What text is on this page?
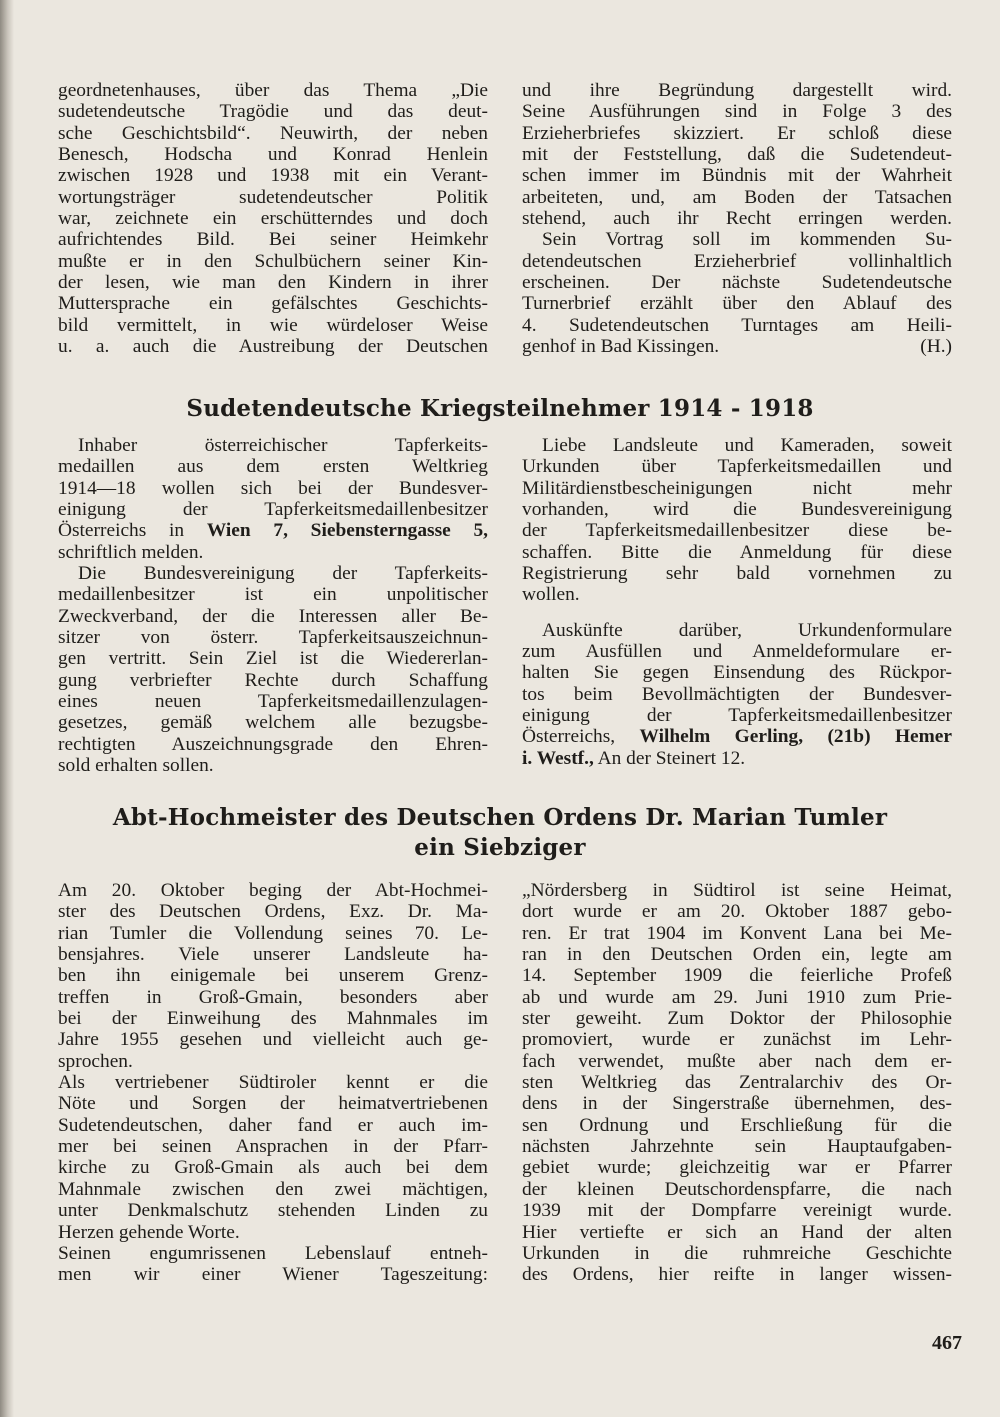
geordnetenhauses, über das Thema „Die
sudetendeutsche Tragödie und das deut-
sche Geschichtsbild“. Neuwirth, der neben
Benesch, Hodscha und Konrad Henlein
zwischen 1928 und 1938 mit ein Verant-
wortungsträger sudetendeutscher Politik
war, zeichnete ein erschütterndes und doch
aufrichtendes Bild. Bei seiner Heimkehr
mußte er in den Schulbüchern seiner Kin-
der lesen, wie man den Kindern in ihrer
Muttersprache ein gefälschtes Geschichts-
bild vermittelt, in wie würdeloser Weise
u. a. auch die Austreibung der Deutschen
und ihre Begründung dargestellt wird.
Seine Ausführungen sind in Folge 3 des
Erzieherbriefes skizziert. Er schloß diese
mit der Feststellung, daß die Sudetendeut-
schen immer im Bündnis mit der Wahrheit
arbeiteten, und, am Boden der Tatsachen
stehend, auch ihr Recht erringen werden.
Sein Vortrag soll im kommenden Su-
detendeutschen Erzieherbrief vollinhaltlich
erscheinen. Der nächste Sudetendeutsche
Turnerbrief erzählt über den Ablauf des
4. Sudetendeutschen Turntages am Heili-
(H.)
genhof in Bad Kissingen.
Sudetendeutsche Kriegsteilnehmer 1914 - 1918
Inhaber österreichischer Tapferkeits-
medaillen aus dem ersten Weltkrieg
1914—18 wollen sich bei der Bundesver-
einigung der Tapferkeitsmedaillenbesitzer
Österreichs in Wien 7, Siebensterngasse 5,
schriftlich melden.
Die Bundesvereinigung der Tapferkeits-
medaillenbesitzer ist ein unpolitischer
Zweckverband, der die Interessen aller Be-
sitzer von österr. Tapferkeitsauszeichnun-
gen vertritt. Sein Ziel ist die Wiedererlan-
gung verbriefter Rechte durch Schaffung
eines neuen Tapferkeitsmedaillenzulagen-
gesetzes, gemäß welchem alle bezugsbe-
rechtigten Auszeichnungsgrade den Ehren-
sold erhalten sollen.
Liebe Landsleute und Kameraden, soweit
Urkunden über Tapferkeitsmedaillen und
Militärdienstbescheinigungen nicht mehr
vorhanden, wird die Bundesvereinigung
der Tapferkeitsmedaillenbesitzer diese be-
schaffen. Bitte die Anmeldung für diese
Registrierung sehr bald vornehmen zu
wollen.
Auskünfte darüber, Urkundenformulare
zum Ausfüllen und Anmeldeformulare er-
halten Sie gegen Einsendung des Rückpor-
tos beim Bevollmächtigten der Bundesver-
einigung der Tapferkeitsmedaillenbesitzer
Österreichs, Wilhelm Gerling, (21b) Hemer
i. Westf., An der Steinert 12.
Abt-Hochmeister des Deutschen Ordens Dr. Marian Tumler
ein Siebziger
Am 20. Oktober beging der Abt-Hochmei-
ster des Deutschen Ordens, Exz. Dr. Ma-
rian Tumler die Vollendung seines 70. Le-
bensjahres. Viele unserer Landsleute ha-
ben ihn einigemale bei unserem Grenz-
treffen in Groß-Gmain, besonders aber
bei der Einweihung des Mahnmales im
Jahre 1955 gesehen und vielleicht auch ge-
sprochen.
Als vertriebener Südtiroler kennt er die
Nöte und Sorgen der heimatvertriebenen
Sudetendeutschen, daher fand er auch im-
mer bei seinen Ansprachen in der Pfarr-
kirche zu Groß-Gmain als auch bei dem
Mahnmale zwischen den zwei mächtigen,
unter Denkmalschutz stehenden Linden zu
Herzen gehende Worte.
Seinen engumrissenen Lebenslauf entneh-
men wir einer Wiener Tageszeitung:
„Nördersberg in Südtirol ist seine Heimat,
dort wurde er am 20. Oktober 1887 gebo-
ren. Er trat 1904 im Konvent Lana bei Me-
ran in den Deutschen Orden ein, legte am
14. September 1909 die feierliche Profeß
ab und wurde am 29. Juni 1910 zum Prie-
ster geweiht. Zum Doktor der Philosophie
promoviert, wurde er zunächst im Lehr-
fach verwendet, mußte aber nach dem er-
sten Weltkrieg das Zentralarchiv des Or-
dens in der Singerstraße übernehmen, des-
sen Ordnung und Erschließung für die
nächsten Jahrzehnte sein Hauptaufgaben-
gebiet wurde; gleichzeitig war er Pfarrer
der kleinen Deutschordenspfarre, die nach
1939 mit der Dompfarre vereinigt wurde.
Hier vertiefte er sich an Hand der alten
Urkunden in die ruhmreiche Geschichte
des Ordens, hier reifte in langer wissen-
467
